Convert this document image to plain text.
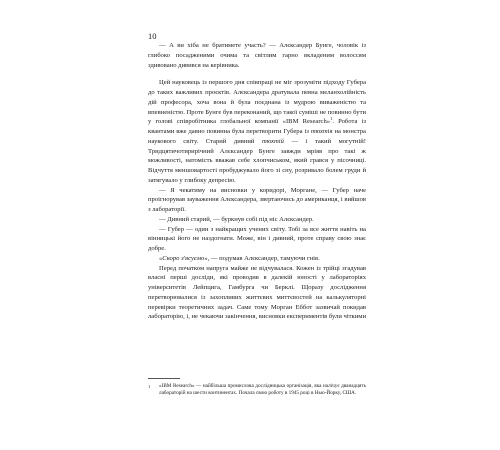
10

— А ви хіба не братимете участь? — Алєксандер Бунге, чоловік із глибоко посадженими очима та світлим гарно вкладеним волоссям здивовано дивився на керівника.

Цей науковець із першого дня співпраці не міг зрозуміти підходу Губера до таких важливих проєктів. Алєксандера дратувала певна меланхолійність дій професора, хоча вона й була поєднана із мудрою виваженістю та впевненістю. Проте Бунге був переконаний, що такої суміші не повинно бути у голові співробітника глобальної компанії «IBM Research»$^1$. Робота із квантами вже давно повинна була перетворити Губера із тюхтія на монстра наукового світу. Старий дивний тюхтій — і такий могутній! Тридцятичотирирічний Алєксандер Бунге завжди мріяв про такі ж можливості, натомість вважав себе хлопчиськом, який грався у пісочниці. Відчуття меншовартості пробуджувало його зі сну, розривало болем груди й затягувало у глибоку депресію.

— Я чекатиму на висновки у коридорі, Моргане, — Губер наче проігнорував зауваження Алєксандера, звертаючись до американця, і вийшов з лабораторії.

— Дивний старий, — буркнув собі під ніс Алєксандер.

— Губер — один з найкращих учених світу. Тобі за все життя навіть на вінницькі його не наздогнати. Може, він і дивний, проте справу свою знає добре.

«Скоро з'ясуємо», — подумав Алєксандер, тамуючи гнів.

Перед початком напруга майже не відчувалася. Кожен із трійці згадував власні перші досліди, які проводив в далекій юності у лабораторіях університетів Лейпцига, Гамбурга чи Берклі. Щоразу дослідження перетворювалися із захопливих життєвих миттєвостей на калькуляторні перевірки теоретичних задач. Саме тому Морган Еббот зазвичай покидав лабораторію, і, не чекаючи закінчення, висновки експериментів були чіткими

1 «IBM Research» — найбільша промислова дослідницька організація, яка налічує дванадцять лабораторій на шести континентах. Почала свою роботу в 1945 році в Нью-Йорку, США.
